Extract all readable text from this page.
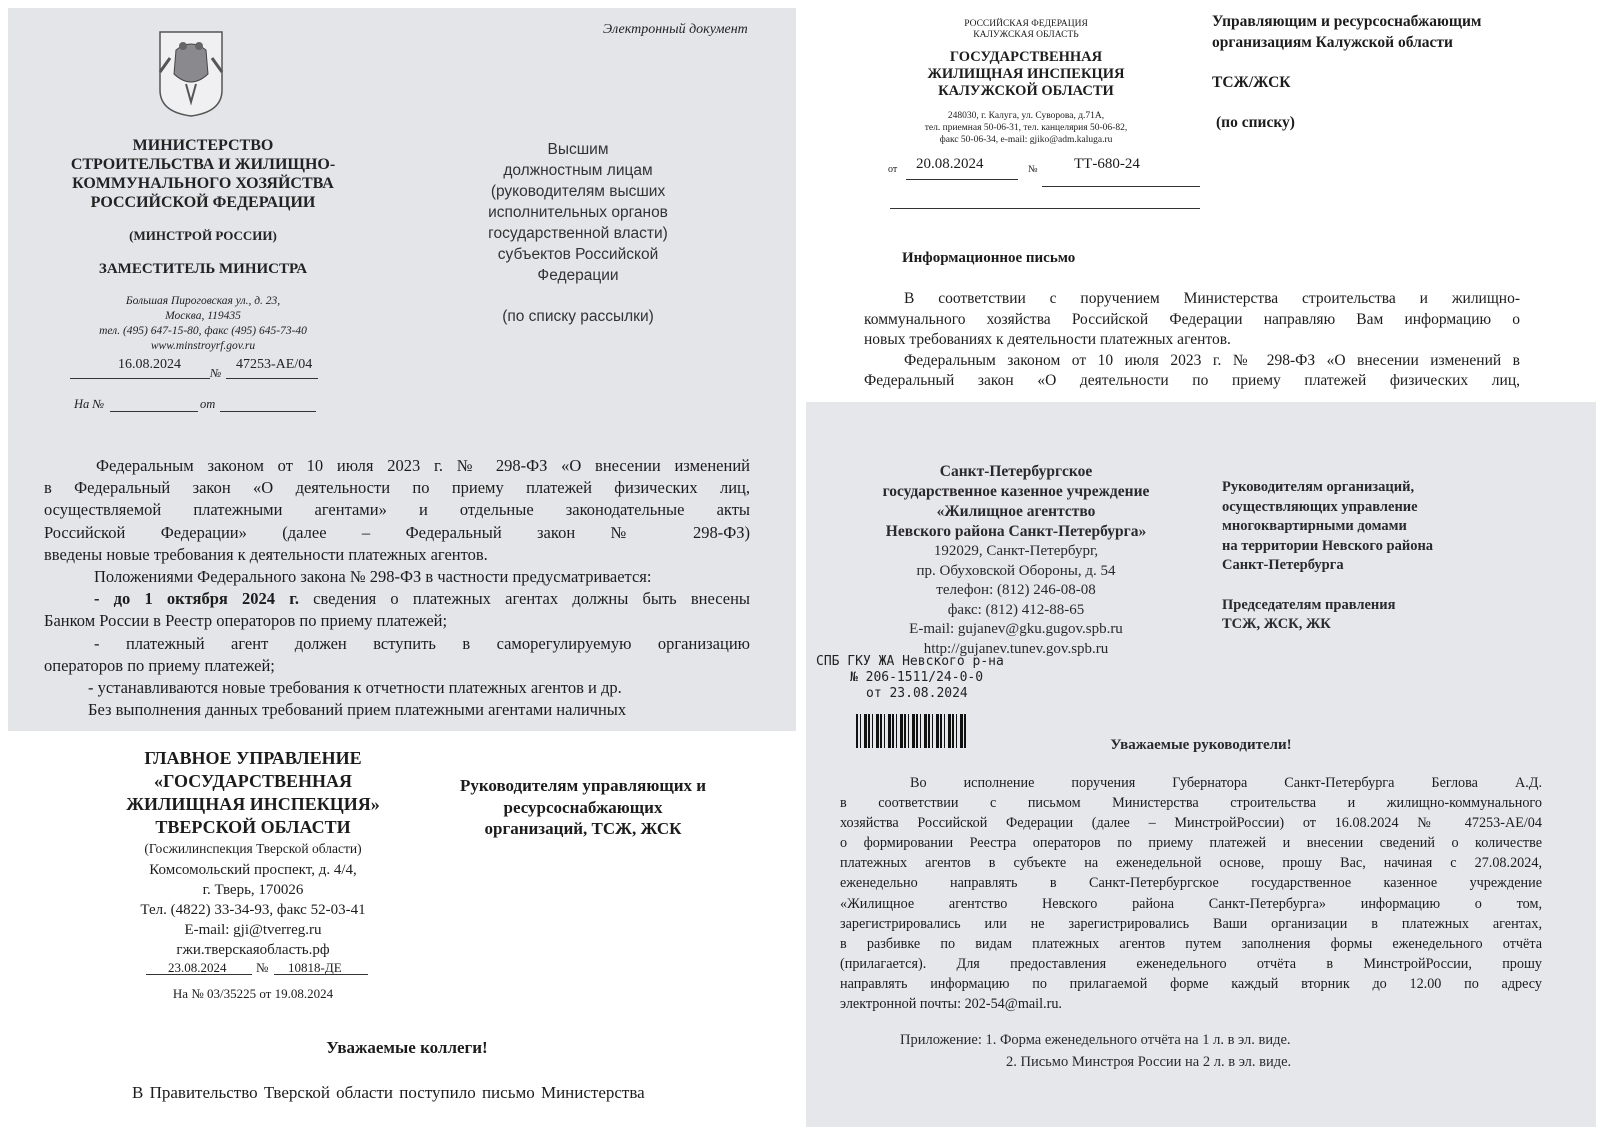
Электронный документ
МИНИСТЕРСТВО
СТРОИТЕЛЬСТВА И ЖИЛИЩНО-
КОММУНАЛЬНОГО ХОЗЯЙСТВА
РОССИЙСКОЙ ФЕДЕРАЦИИ
(МИНСТРОЙ РОССИИ)
ЗАМЕСТИТЕЛЬ МИНИСТРА
Большая Пироговская ул., д. 23,
Москва, 119435
тел. (495) 647-15-80, факс (495) 645-73-40
www.minstroyrf.gov.ru
16.08.2024
№
47253-АЕ/04
На №	от
Высшим
должностным лицам
(руководителям высших
исполнительных органов
государственной власти)
субъектов Российской
Федерации
(по списку рассылки)
Федеральным законом от 10 июля 2023 г. № 298-ФЗ «О внесении изменений
в Федеральный закон «О деятельности по приему платежей физических лиц,
осуществляемой платежными агентами» и отдельные законодательные акты
Российской Федерации» (далее – Федеральный закон № 298-ФЗ)
введены новые требования к деятельности платежных агентов.
Положениями Федерального закона № 298-ФЗ в частности предусматривается:
- до 1 октября 2024 г. сведения о платежных агентах должны быть внесены
Банком России в Реестр операторов по приему платежей;
- платежный агент должен вступить в саморегулируемую организацию
операторов по приему платежей;
- устанавливаются новые требования к отчетности платежных агентов и др.
Без выполнения данных требований прием платежными агентами наличных
РОССИЙСКАЯ ФЕДЕРАЦИЯ
КАЛУЖСКАЯ ОБЛАСТЬ
ГОСУДАРСТВЕННАЯ
ЖИЛИЩНАЯ ИНСПЕКЦИЯ
КАЛУЖСКОЙ ОБЛАСТИ
248030, г. Калуга, ул. Суворова, д.71А,
тел. приемная 50-06-31, тел. канцелярия 50-06-82,
факс 50-06-34, e-mail: gjiko@adm.kaluga.ru
от 20.08.2024	№ ТТ-680-24
Управляющим и ресурсоснабжающим
организациям Калужской области
ТСЖ/ЖСК
(по списку)
Информационное письмо
В соответствии с поручением Министерства строительства и жилищно-
коммунального хозяйства Российской Федерации направляю Вам информацию о
новых требованиях к деятельности платежных агентов.
Федеральным законом от 10 июля 2023 г. № 298-ФЗ «О внесении изменений в
Федеральный закон «О деятельности по приему платежей физических лиц,
ГЛАВНОЕ УПРАВЛЕНИЕ
«ГОСУДАРСТВЕННАЯ
ЖИЛИЩНАЯ ИНСПЕКЦИЯ»
ТВЕРСКОЙ ОБЛАСТИ
(Госжилинспекция Тверской области)
Комсомольский проспект, д. 4/4,
г. Тверь, 170026
Тел. (4822) 33-34-93, факс 52-03-41
E-mail: gji@tverreg.ru
гжи.тверскаяобласть.рф
23.08.2024 № 10818-ДЕ
На № 03/35225 от 19.08.2024
Руководителям управляющих и
ресурсоснабжающих
организаций, ТСЖ, ЖСК
Уважаемые коллеги!
В Правительство Тверской области поступило письмо Министерства
Санкт-Петербургское
государственное казенное учреждение
«Жилищное агентство
Невского района Санкт-Петербурга»
192029, Санкт-Петербург,
пр. Обуховской Обороны, д. 54
телефон: (812) 246-08-08
факс: (812) 412-88-65
E-mail: gujanev@gku.gugov.spb.ru
http://gujanev.tunev.gov.spb.ru
СПБ ГКУ ЖА Невского р-на
№ 206-1511/24-0-0
от 23.08.2024
Руководителям организаций,
осуществляющих управление
многоквартирными домами
на территории Невского района
Санкт-Петербурга
Председателям правления
ТСЖ, ЖСК, ЖК
Уважаемые руководители!
Во исполнение поручения Губернатора Санкт-Петербурга Беглова А.Д.
в соответствии с письмом Министерства строительства и жилищно-коммунального
хозяйства Российской Федерации (далее – МинстройРоссии) от 16.08.2024 № 47253-АЕ/04
о формировании Реестра операторов по приему платежей и внесении сведений о количестве
платежных агентов в субъекте на еженедельной основе, прошу Вас, начиная с 27.08.2024,
еженедельно направлять в Санкт-Петербургское государственное казенное учреждение
«Жилищное агентство Невского района Санкт-Петербурга» информацию о том,
зарегистрировались или не зарегистрировались Ваши организации в платежных агентах,
в разбивке по видам платежных агентов путем заполнения формы еженедельного отчёта
(прилагается). Для предоставления еженедельного отчёта в МинстройРоссии, прошу
направлять информацию по прилагаемой форме каждый вторник до 12.00 по адресу
электронной почты: 202-54@mail.ru.
Приложение: 1. Форма еженедельного отчёта на 1 л. в эл. виде.
2. Письмо Минстроя России на 2 л. в эл. виде.
